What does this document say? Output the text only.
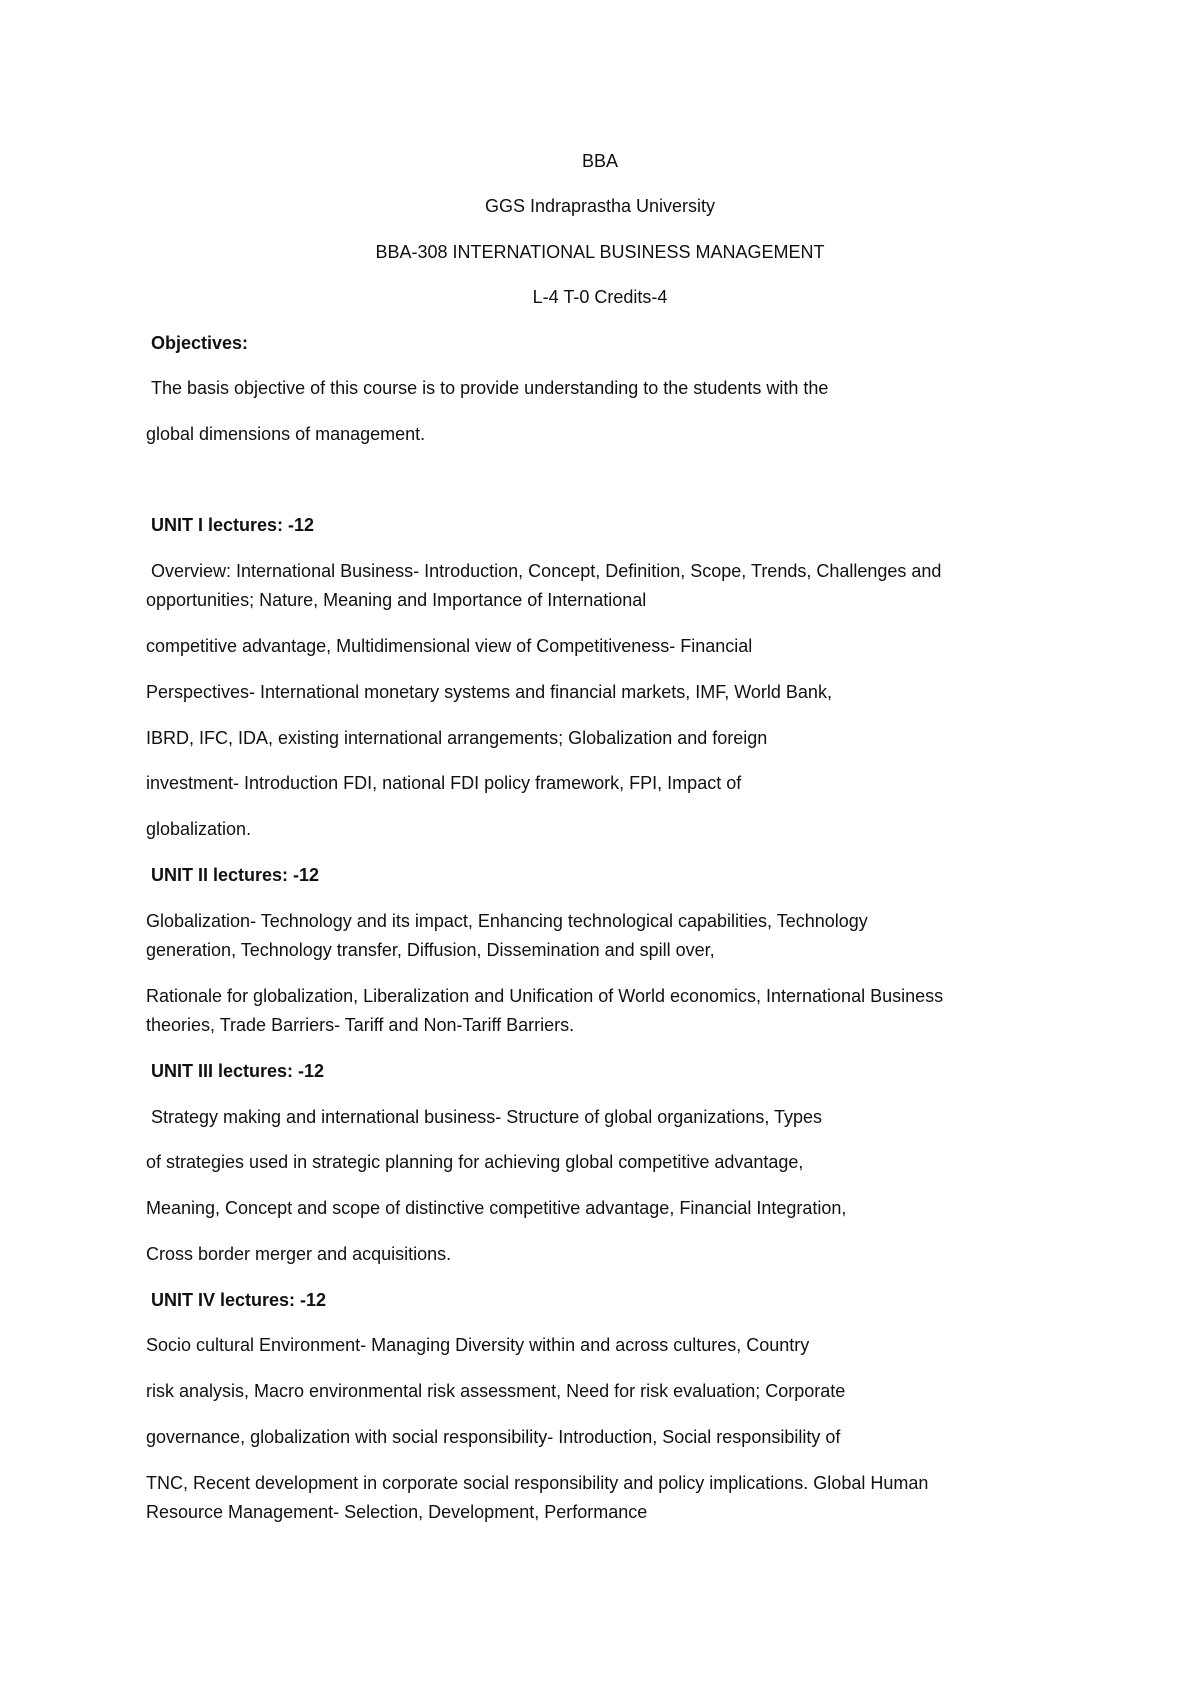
BBA
GGS Indraprastha University
BBA-308 INTERNATIONAL BUSINESS MANAGEMENT
L-4 T-0 Credits-4
Objectives:
The basis objective of this course is to provide understanding to the students with the
global dimensions of management.
UNIT I lectures: -12
Overview: International Business- Introduction, Concept, Definition, Scope, Trends, Challenges and
opportunities; Nature, Meaning and Importance of International
competitive advantage, Multidimensional view of Competitiveness- Financial
Perspectives- International monetary systems and financial markets, IMF, World Bank,
IBRD, IFC, IDA, existing international arrangements; Globalization and foreign
investment- Introduction FDI, national FDI policy framework, FPI, Impact of
globalization.
UNIT II lectures: -12
Globalization- Technology and its impact, Enhancing technological capabilities, Technology
generation, Technology transfer, Diffusion, Dissemination and spill over,
Rationale for globalization, Liberalization and Unification of World economics, International Business
theories, Trade Barriers- Tariff and Non-Tariff Barriers.
UNIT III lectures: -12
Strategy making and international business- Structure of global organizations, Types
of strategies used in strategic planning for achieving global competitive advantage,
Meaning, Concept and scope of distinctive competitive advantage, Financial Integration,
Cross border merger and acquisitions.
UNIT IV lectures: -12
Socio cultural Environment- Managing Diversity within and across cultures, Country
risk analysis, Macro environmental risk assessment, Need for risk evaluation; Corporate
governance, globalization with social responsibility- Introduction, Social responsibility of
TNC, Recent development in corporate social responsibility and policy implications. Global Human
Resource Management- Selection, Development, Performance
